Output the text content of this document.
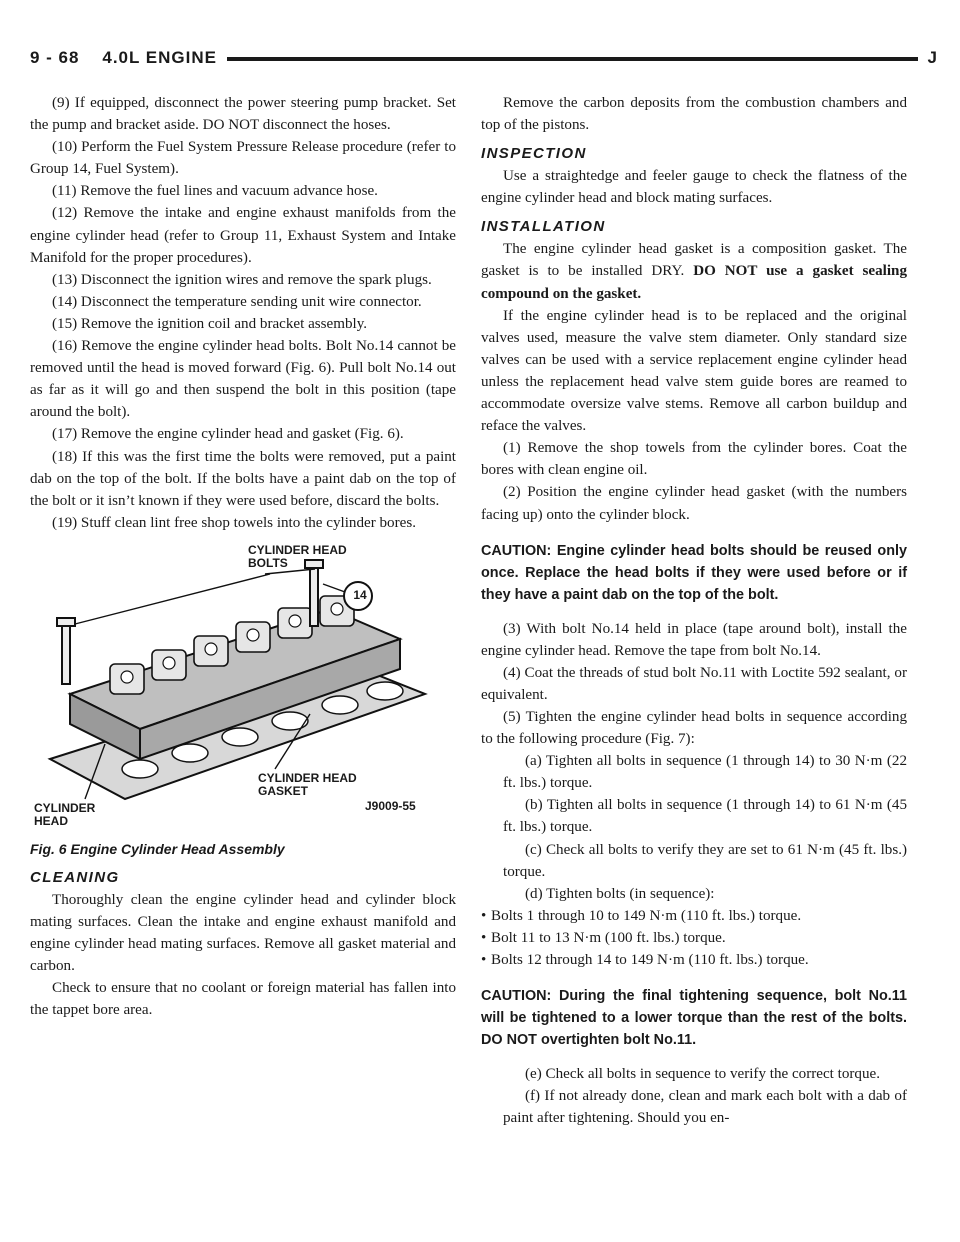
9 - 68    4.0L ENGINE	J

(9) If equipped, disconnect the power steering pump bracket. Set the pump and bracket aside. DO NOT disconnect the hoses.

(10) Perform the Fuel System Pressure Release procedure (refer to Group 14, Fuel System).

(11) Remove the fuel lines and vacuum advance hose.

(12) Remove the intake and engine exhaust manifolds from the engine cylinder head (refer to Group 11, Exhaust System and Intake Manifold for the proper procedures).

(13) Disconnect the ignition wires and remove the spark plugs.

(14) Disconnect the temperature sending unit wire connector.

(15) Remove the ignition coil and bracket assembly.

(16) Remove the engine cylinder head bolts. Bolt No.14 cannot be removed until the head is moved forward (Fig. 6). Pull bolt No.14 out as far as it will go and then suspend the bolt in this position (tape around the bolt).

(17) Remove the engine cylinder head and gasket (Fig. 6).

(18) If this was the first time the bolts were removed, put a paint dab on the top of the bolt. If the bolts have a paint dab on the top of the bolt or it isn’t known if they were used before, discard the bolts.

(19) Stuff clean lint free shop towels into the cylinder bores.

CYLINDER HEAD BOLTS
14
CYLINDER HEAD GASKET
CYLINDER HEAD
J9009-55
Fig. 6 Engine Cylinder Head Assembly
CLEANING

Thoroughly clean the engine cylinder head and cylinder block mating surfaces. Clean the intake and engine exhaust manifold and engine cylinder head mating surfaces. Remove all gasket material and carbon.

Check to ensure that no coolant or foreign material has fallen into the tappet bore area.

Remove the carbon deposits from the combustion chambers and top of the pistons.

INSPECTION

Use a straightedge and feeler gauge to check the flatness of the engine cylinder head and block mating surfaces.

INSTALLATION

The engine cylinder head gasket is a composition gasket. The gasket is to be installed DRY. DO NOT use a gasket sealing compound on the gasket.

If the engine cylinder head is to be replaced and the original valves used, measure the valve stem diameter. Only standard size valves can be used with a service replacement engine cylinder head unless the replacement head valve stem guide bores are reamed to accommodate oversize valve stems. Remove all carbon buildup and reface the valves.

(1) Remove the shop towels from the cylinder bores. Coat the bores with clean engine oil.

(2) Position the engine cylinder head gasket (with the numbers facing up) onto the cylinder block.

CAUTION: Engine cylinder head bolts should be reused only once. Replace the head bolts if they were used before or if they have a paint dab on the top of the bolt.

(3) With bolt No.14 held in place (tape around bolt), install the engine cylinder head. Remove the tape from bolt No.14.

(4) Coat the threads of stud bolt No.11 with Loctite 592 sealant, or equivalent.

(5) Tighten the engine cylinder head bolts in sequence according to the following procedure (Fig. 7):

(a) Tighten all bolts in sequence (1 through 14) to 30 N·m (22 ft. lbs.) torque.

(b) Tighten all bolts in sequence (1 through 14) to 61 N·m (45 ft. lbs.) torque.

(c) Check all bolts to verify they are set to 61 N·m (45 ft. lbs.) torque.

(d) Tighten bolts (in sequence):

• Bolts 1 through 10 to 149 N·m (110 ft. lbs.) torque.

• Bolt 11 to 13 N·m (100 ft. lbs.) torque.

• Bolts 12 through 14 to 149 N·m (110 ft. lbs.) torque.

CAUTION: During the final tightening sequence, bolt No.11 will be tightened to a lower torque than the rest of the bolts. DO NOT overtighten bolt No.11.

(e) Check all bolts in sequence to verify the correct torque.

(f) If not already done, clean and mark each bolt with a dab of paint after tightening. Should you en-
